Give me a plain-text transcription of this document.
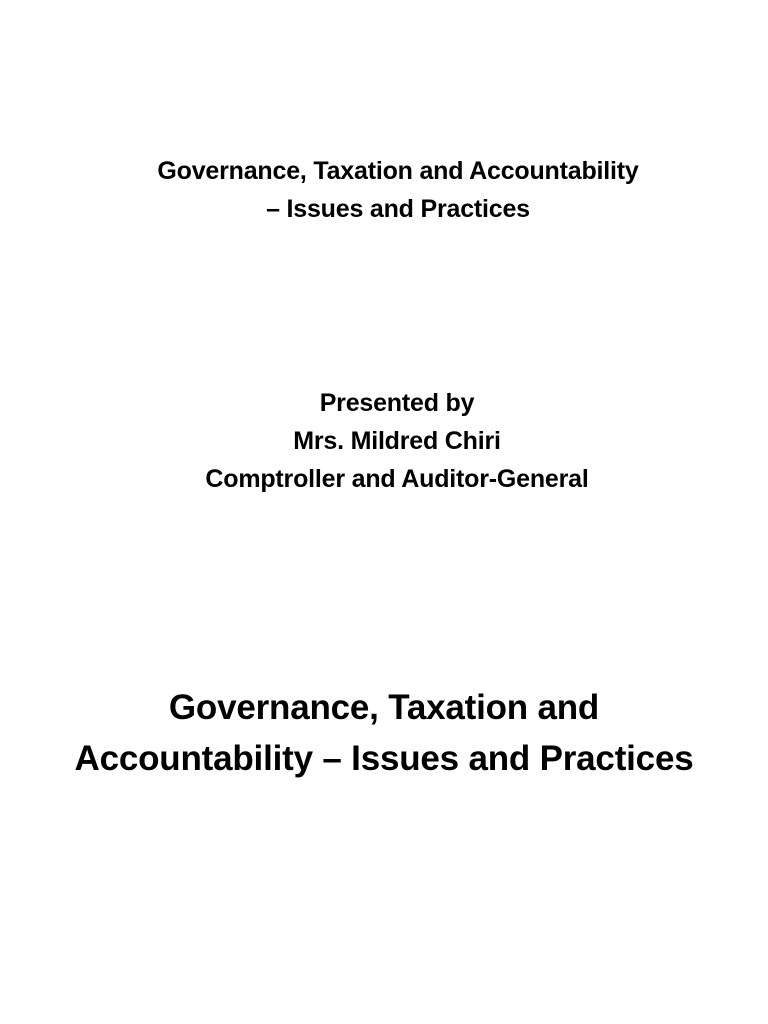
Governance, Taxation and Accountability
– Issues and Practices
Presented by
Mrs. Mildred Chiri
Comptroller and Auditor-General
Governance, Taxation and
Accountability – Issues and Practices
